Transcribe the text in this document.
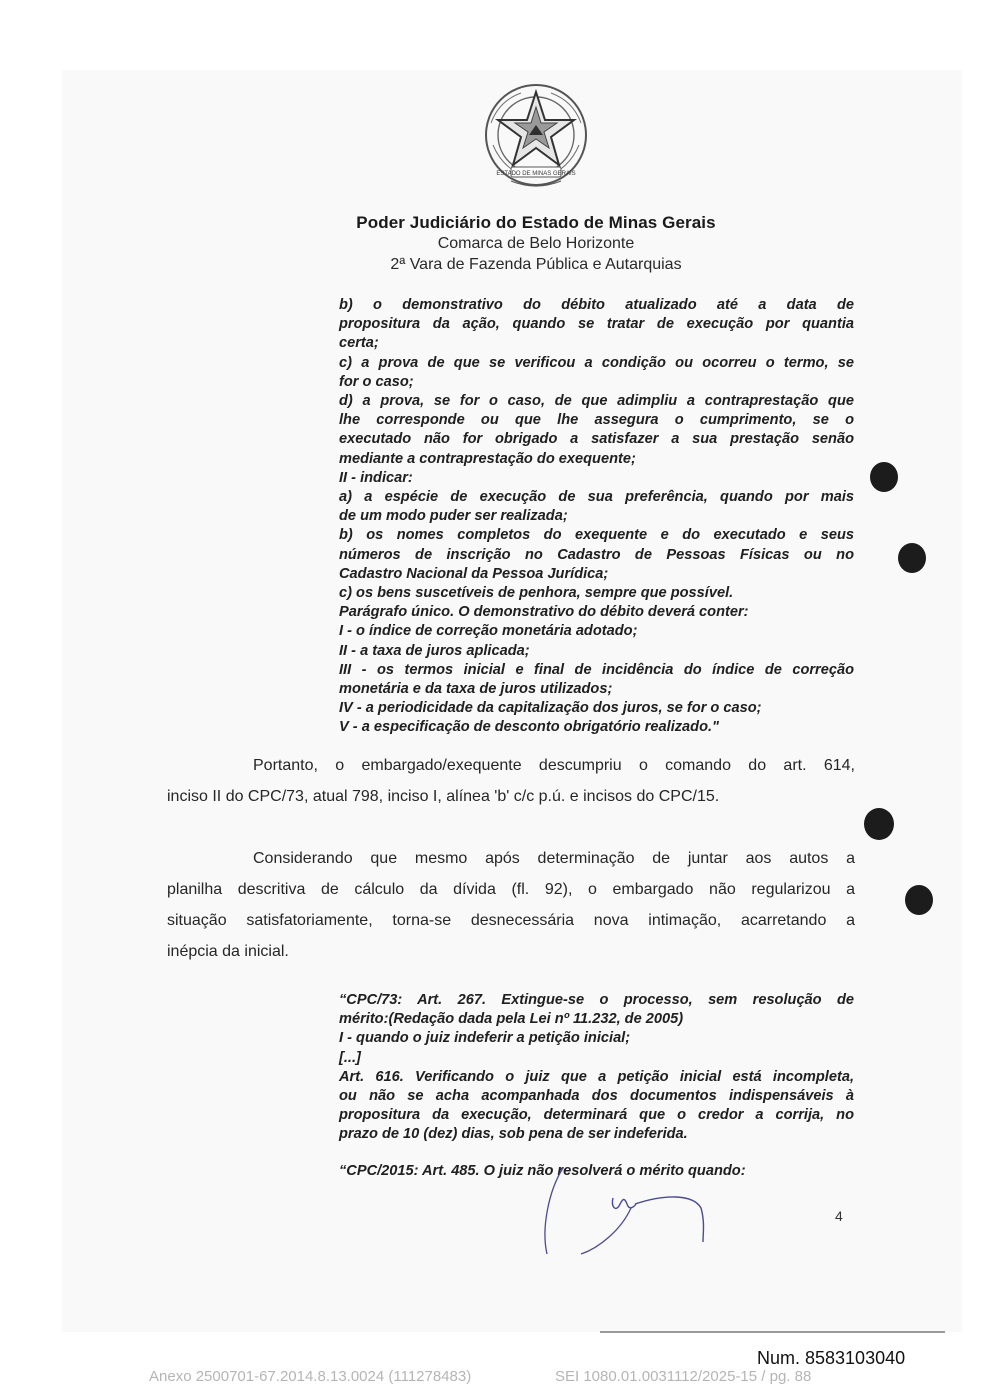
ESTADO DE MINAS GERAIS
Poder Judiciário do Estado de Minas Gerais
Comarca de Belo Horizonte
2ª Vara de Fazenda Pública e Autarquias
b) o demonstrativo do débito atualizado até a data de
propositura da ação, quando se tratar de execução por quantia
certa;
c) a prova de que se verificou a condição ou ocorreu o termo, se
for o caso;
d) a prova, se for o caso, de que adimpliu a contraprestação que
lhe corresponde ou que lhe assegura o cumprimento, se o
executado não for obrigado a satisfazer a sua prestação senão
mediante a contraprestação do exequente;
II - indicar:
a) a espécie de execução de sua preferência, quando por mais
de um modo puder ser realizada;
b) os nomes completos do exequente e do executado e seus
números de inscrição no Cadastro de Pessoas Físicas ou no
Cadastro Nacional da Pessoa Jurídica;
c) os bens suscetíveis de penhora, sempre que possível.
Parágrafo único. O demonstrativo do débito deverá conter:
I - o índice de correção monetária adotado;
II - a taxa de juros aplicada;
III - os termos inicial e final de incidência do índice de correção
monetária e da taxa de juros utilizados;
IV - a periodicidade da capitalização dos juros, se for o caso;
V - a especificação de desconto obrigatório realizado."
Portanto, o embargado/exequente descumpriu o comando do art. 614,
inciso II do CPC/73, atual 798, inciso I, alínea 'b' c/c p.ú. e incisos do CPC/15.
Considerando que mesmo após determinação de juntar aos autos a
planilha descritiva de cálculo da dívida (fl. 92), o embargado não regularizou a
situação satisfatoriamente, torna-se desnecessária nova intimação, acarretando a
inépcia da inicial.
“CPC/73: Art. 267. Extingue-se o processo, sem resolução de
mérito:(Redação dada pela Lei nº 11.232, de 2005)
I - quando o juiz indeferir a petição inicial;
[...]
Art. 616. Verificando o juiz que a petição inicial está incompleta,
ou não se acha acompanhada dos documentos indispensáveis à
propositura da execução, determinará que o credor a corrija, no
prazo de 10 (dez) dias, sob pena de ser indeferida.
“CPC/2015: Art. 485. O juiz não resolverá o mérito quando:
4
Num. 8583103040
Anexo 2500701-67.2014.8.13.0024 (111278483)	SEI 1080.01.0031112/2025-15 / pg. 88
